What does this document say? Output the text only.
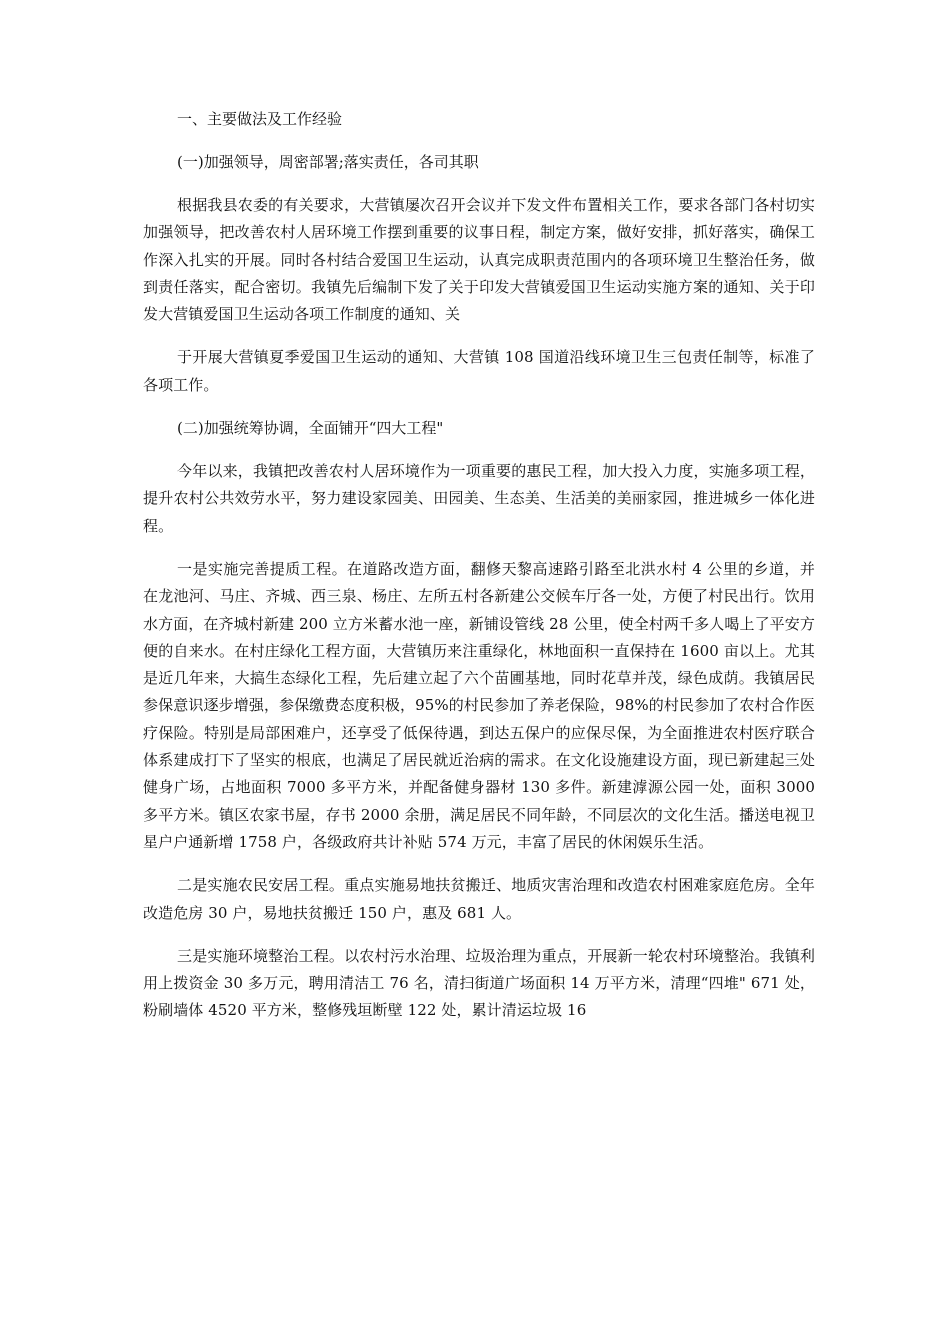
一、主要做法及工作经验

(一)加强领导，周密部署;落实责任，各司其职

根据我县农委的有关要求，大营镇屡次召开会议并下发文件布置相关工作，要求各部门各村切实加强领导，把改善农村人居环境工作摆到重要的议事日程，制定方案，做好安排，抓好落实，确保工作深入扎实的开展。同时各村结合爱国卫生运动，认真完成职责范围内的各项环境卫生整治任务，做到责任落实，配合密切。我镇先后编制下发了关于印发大营镇爱国卫生运动实施方案的通知、关于印发大营镇爱国卫生运动各项工作制度的通知、关

于开展大营镇夏季爱国卫生运动的通知、大营镇 108 国道沿线环境卫生三包责任制等，标准了各项工作。

(二)加强统筹协调，全面铺开“四大工程"

今年以来，我镇把改善农村人居环境作为一项重要的惠民工程，加大投入力度，实施多项工程，提升农村公共效劳水平，努力建设家园美、田园美、生态美、生活美的美丽家园，推进城乡一体化进程。

一是实施完善提质工程。在道路改造方面，翻修天黎高速路引路至北洪水村 4 公里的乡道，并在龙池河、马庄、齐城、西三泉、杨庄、左所五村各新建公交候车厅各一处，方便了村民出行。饮用水方面，在齐城村新建 200 立方米蓄水池一座，新铺设管线 28 公里，使全村两千多人喝上了平安方便的自来水。在村庄绿化工程方面，大营镇历来注重绿化，林地面积一直保持在 1600 亩以上。尤其是近几年来，大搞生态绿化工程，先后建立起了六个苗圃基地，同时花草并茂，绿色成荫。我镇居民参保意识逐步增强，参保缴费态度积极，95%的村民参加了养老保险，98%的村民参加了农村合作医疗保险。特别是局部困难户，还享受了低保待遇，到达五保户的应保尽保，为全面推进农村医疗联合体系建成打下了坚实的根底，也满足了居民就近治病的需求。在文化设施建设方面，现已新建起三处健身广场，占地面积 7000 多平方米，并配备健身器材 130 多件。新建滹源公园一处，面积 3000 多平方米。镇区农家书屋，存书 2000 余册，满足居民不同年龄，不同层次的文化生活。播送电视卫星户户通新增 1758 户，各级政府共计补贴 574 万元，丰富了居民的休闲娱乐生活。

二是实施农民安居工程。重点实施易地扶贫搬迁、地质灾害治理和改造农村困难家庭危房。全年改造危房 30 户，易地扶贫搬迁 150 户，惠及 681 人。

三是实施环境整治工程。以农村污水治理、垃圾治理为重点，开展新一轮农村环境整治。我镇利用上拨资金 30 多万元，聘用清洁工 76 名，清扫街道广场面积 14 万平方米，清理“四堆" 671 处，粉刷墙体 4520 平方米，整修残垣断壁 122 处，累计清运垃圾 16
